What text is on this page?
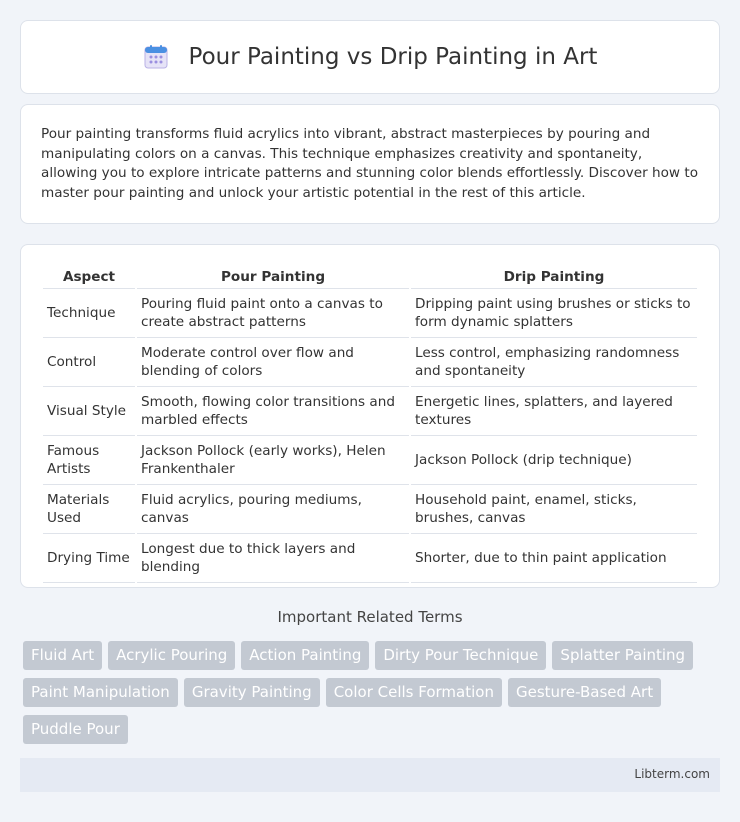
Pour Painting vs Drip Painting in Art

Pour painting transforms fluid acrylics into vibrant, abstract masterpieces by pouring and manipulating colors on a canvas. This technique emphasizes creativity and spontaneity, allowing you to explore intricate patterns and stunning color blends effortlessly. Discover how to master pour painting and unlock your artistic potential in the rest of this article.

Aspect	Pour Painting	Drip Painting
Technique	Pouring fluid paint onto a canvas to create abstract patterns	Dripping paint using brushes or sticks to form dynamic splatters
Control	Moderate control over flow and blending of colors	Less control, emphasizing randomness and spontaneity
Visual Style	Smooth, flowing color transitions and marbled effects	Energetic lines, splatters, and layered textures
Famous Artists	Jackson Pollock (early works), Helen Frankenthaler	Jackson Pollock (drip technique)
Materials Used	Fluid acrylics, pouring mediums, canvas	Household paint, enamel, sticks, brushes, canvas
Drying Time	Longest due to thick layers and blending	Shorter, due to thin paint application
Important Related Terms
Fluid Art	Acrylic Pouring	Action Painting	Dirty Pour Technique	Splatter Painting
Paint Manipulation	Gravity Painting	Color Cells Formation	Gesture-Based Art
Puddle Pour
Libterm.com
